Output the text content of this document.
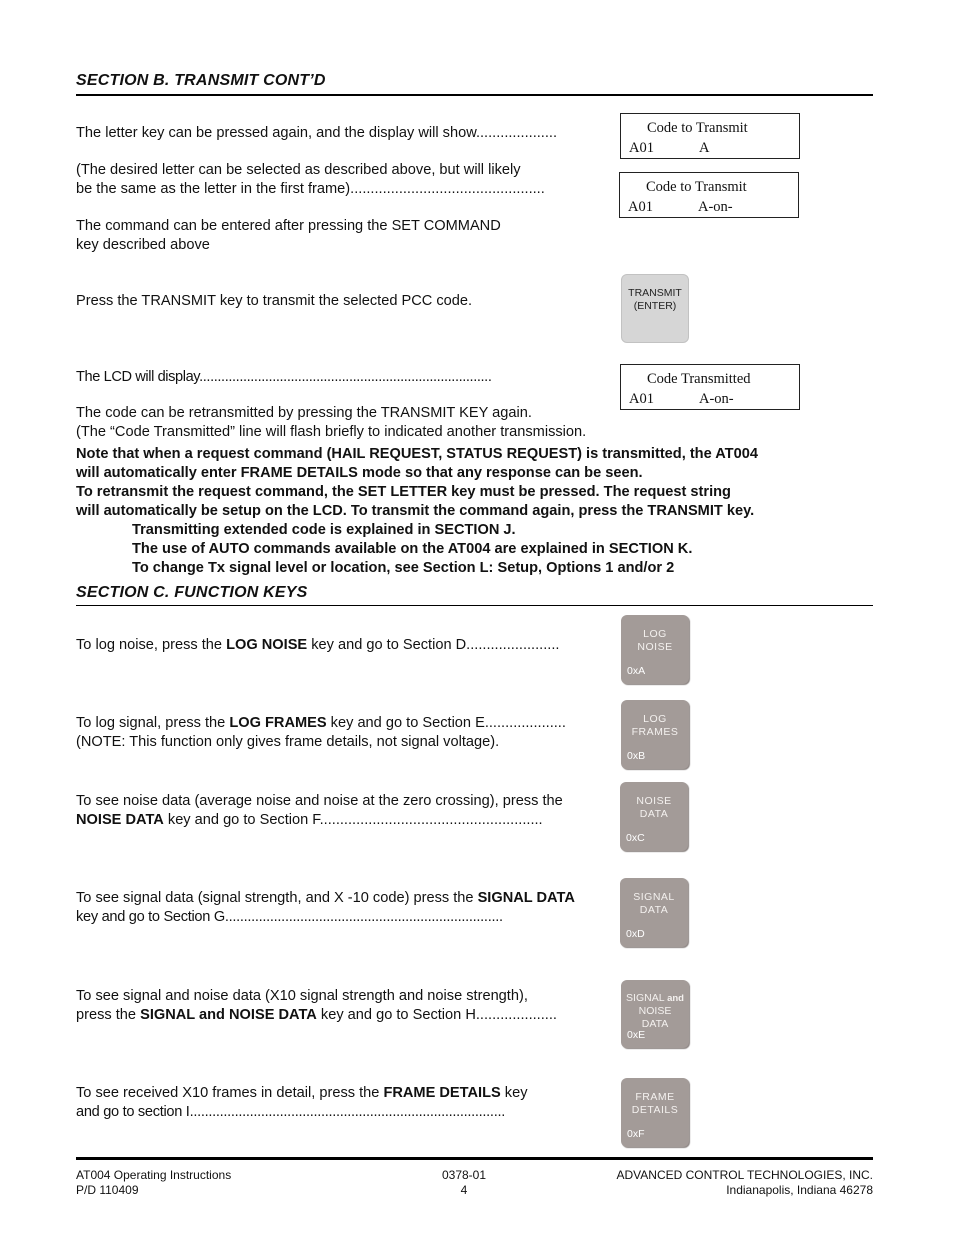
SECTION B. TRANSMIT CONT’D
The letter key can be pressed again, and the display will show....................
(The desired letter can be selected as described above, but will likely
be the same as the letter in the first frame)................................................
The command can be entered after pressing the SET COMMAND
key described above
Press the TRANSMIT key to transmit the selected PCC code.
The LCD will display................................................................................
The code can be retransmitted by pressing the TRANSMIT KEY again.
(The “Code Transmitted” line will flash briefly to indicated another transmission.
Note that when a request command (HAIL REQUEST, STATUS REQUEST) is transmitted, the AT004
will automatically enter FRAME DETAILS mode so that any response can be seen.
To retransmit the request command, the SET LETTER key must be pressed. The request string
will automatically be setup on the LCD. To transmit the command again, press the TRANSMIT key.
Transmitting extended code is explained in SECTION J.
The use of AUTO commands available on the AT004 are explained in SECTION K.
To change Tx signal level or location, see Section L: Setup, Options 1 and/or 2
Code to Transmit
A01	A
Code to Transmit
A01	A-on-
Code Transmitted
A01	A-on-
TRANSMIT
(ENTER)
SECTION C. FUNCTION KEYS
To log noise, press the LOG NOISE key and go to Section D.......................
LOG
NOISE
0xA
To log signal, press the LOG FRAMES key and go to Section E....................
(NOTE: This function only gives frame details, not signal voltage).
LOG
FRAMES
0xB
To see noise data (average noise and noise at the zero crossing), press the
NOISE DATA key and go to Section F.......................................................
NOISE
DATA
0xC
To see signal data (signal strength, and X -10 code) press the SIGNAL DATA
key and go to Section G..........................................................................
SIGNAL
DATA
0xD
To see signal and noise data (X10 signal strength and noise strength),
press the SIGNAL and NOISE DATA key and go to Section H....................
SIGNAL and
NOISE
DATA
0xE
To see received X10 frames in detail, press the FRAME DETAILS key
and go to section I....................................................................................
FRAME
DETAILS
0xF
AT004 Operating Instructions
P/D 110409
0378-01
4
ADVANCED CONTROL TECHNOLOGIES, INC.
Indianapolis, Indiana 46278
